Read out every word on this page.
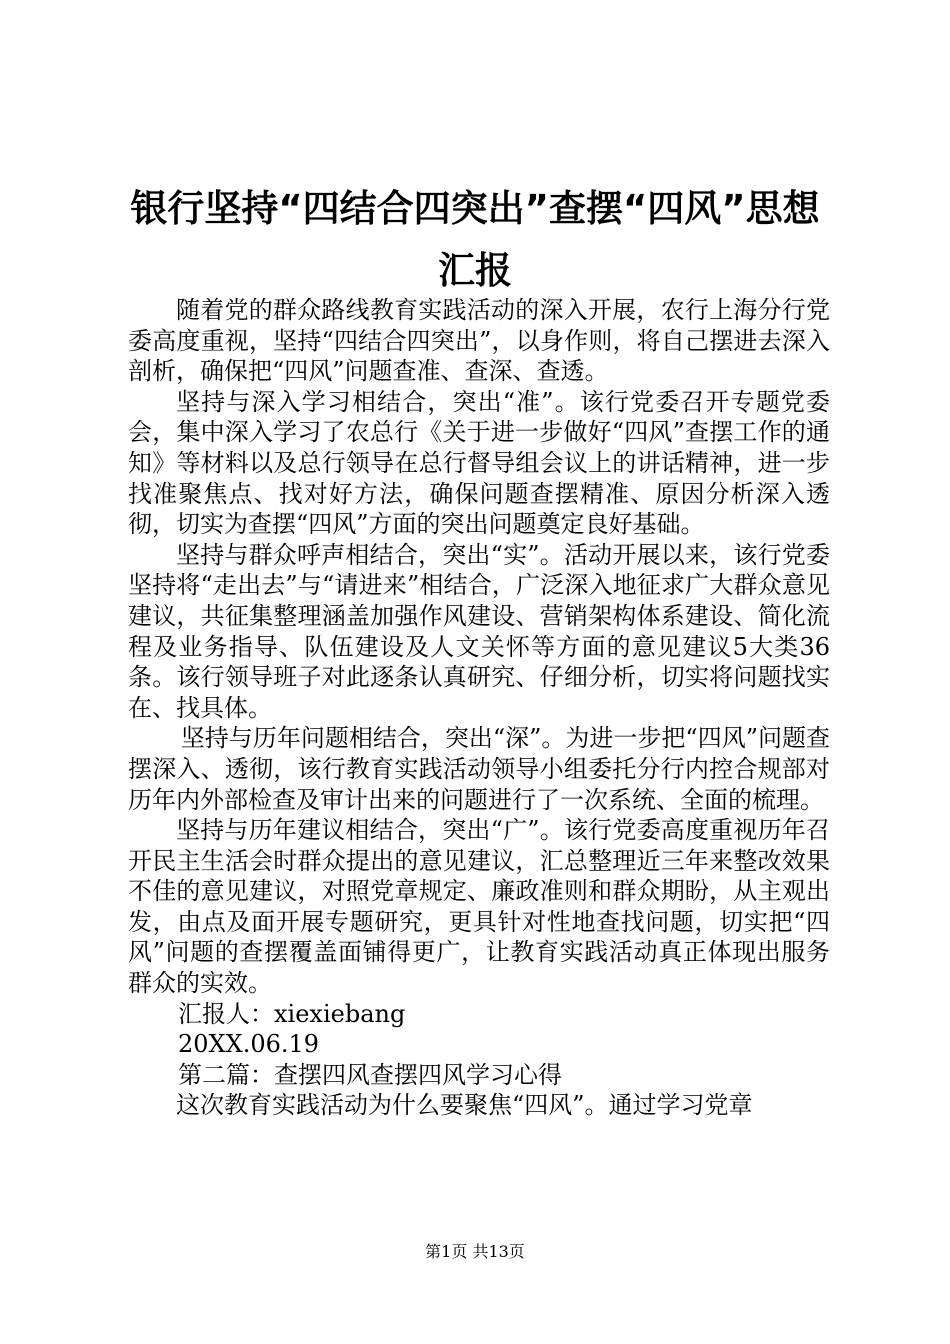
银行坚持“四结合四突出”查摆“四风”思想
汇报

随着党的群众路线教育实践活动的深入开展，农行上海分行党委高度重视，坚持“四结合四突出”，以身作则，将自己摆进去深入剖析，确保把“四风”问题查准、查深、查透。

坚持与深入学习相结合，突出“准”。该行党委召开专题党委会，集中深入学习了农总行《关于进一步做好“四风”查摆工作的通知》等材料以及总行领导在总行督导组会议上的讲话精神，进一步找准聚焦点、找对好方法，确保问题查摆精准、原因分析深入透彻，切实为查摆“四风”方面的突出问题奠定良好基础。

坚持与群众呼声相结合，突出“实”。活动开展以来，该行党委坚持将“走出去”与“请进来”相结合，广泛深入地征求广大群众意见建议，共征集整理涵盖加强作风建设、营销架构体系建设、简化流程及业务指导、队伍建设及人文关怀等方面的意见建议5大类36条。该行领导班子对此逐条认真研究、仔细分析，切实将问题找实在、找具体。

坚持与历年问题相结合，突出“深”。为进一步把“四风”问题查摆深入、透彻，该行教育实践活动领导小组委托分行内控合规部对历年内外部检查及审计出来的问题进行了一次系统、全面的梳理。

坚持与历年建议相结合，突出“广”。该行党委高度重视历年召开民主生活会时群众提出的意见建议，汇总整理近三年来整改效果不佳的意见建议，对照党章规定、廉政准则和群众期盼，从主观出发，由点及面开展专题研究，更具针对性地查找问题，切实把“四风”问题的查摆覆盖面铺得更广，让教育实践活动真正体现出服务群众的实效。

汇报人：xiexiebang

20XX.06.19

第二篇：查摆四风查摆四风学习心得

这次教育实践活动为什么要聚焦“四风”。通过学习党章

第1页 共13页
